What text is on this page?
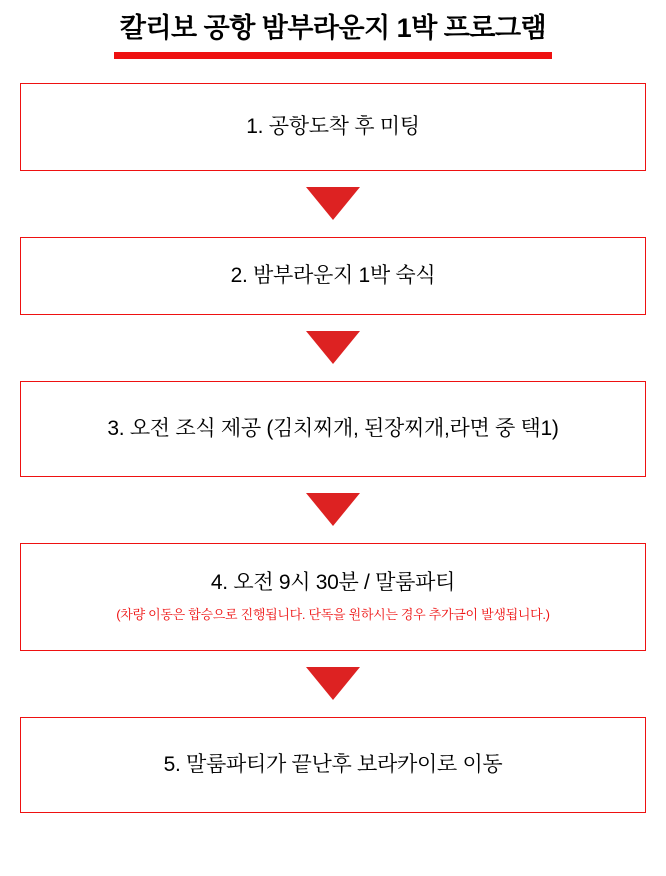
칼리보 공항 밤부라운지 1박 프로그램
1. 공항도착 후 미팅
2. 밤부라운지 1박 숙식
3. 오전 조식 제공 (김치찌개, 된장찌개,라면 중 택1)
4. 오전 9시 30분 / 말룸파티
(차량 이동은 합승으로 진행됩니다. 단독을 원하시는 경우 추가금이 발생됩니다.)
5. 말룸파티가 끝난후 보라카이로 이동
